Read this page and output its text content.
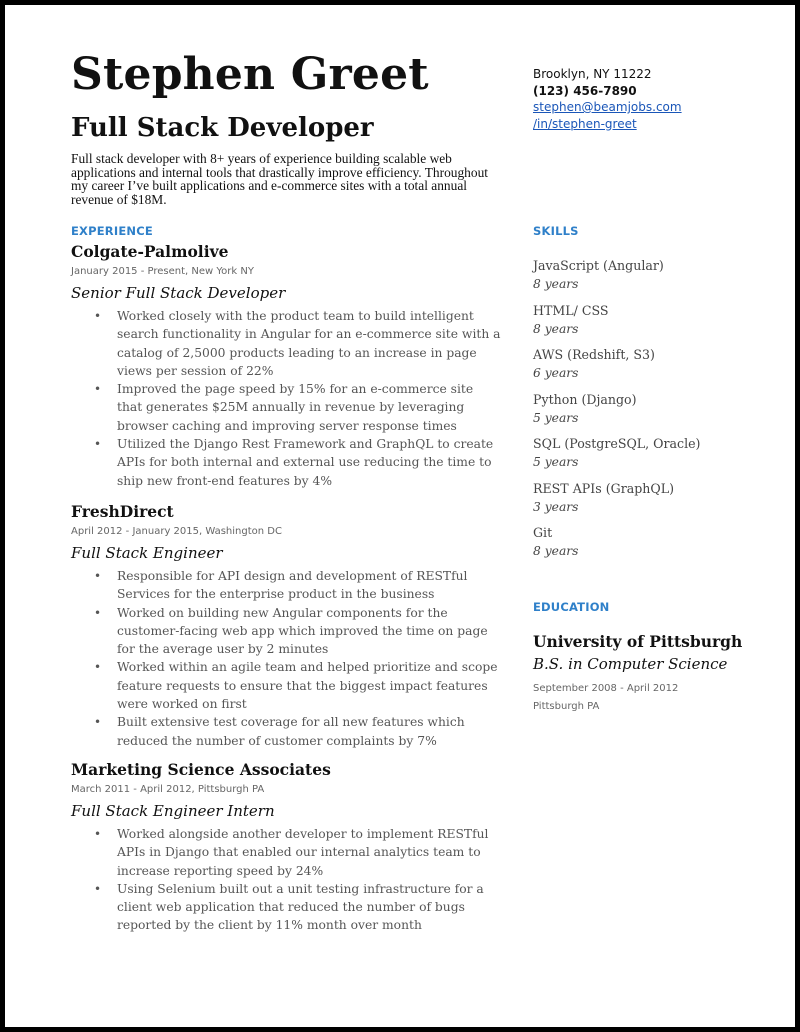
Stephen Greet
Full Stack Developer
Full stack developer with 8+ years of experience building scalable web applications and internal tools that drastically improve efficiency. Throughout my career I’ve built applications and e-commerce sites with a total annual revenue of $18M.
Brooklyn, NY 11222
(123) 456-7890
stephen@beamjobs.com
/in/stephen-greet
EXPERIENCE
Colgate-Palmolive
January 2015 - Present, New York NY
Senior Full Stack Developer
• Worked closely with the product team to build intelligent search functionality in Angular for an e-commerce site with a catalog of 2,5000 products leading to an increase in page views per session of 22%
• Improved the page speed by 15% for an e-commerce site that generates $25M annually in revenue by leveraging browser caching and improving server response times
• Utilized the Django Rest Framework and GraphQL to create APIs for both internal and external use reducing the time to ship new front-end features by 4%
FreshDirect
April 2012 - January 2015, Washington DC
Full Stack Engineer
• Responsible for API design and development of RESTful Services for the enterprise product in the business
• Worked on building new Angular components for the customer-facing web app which improved the time on page for the average user by 2 minutes
• Worked within an agile team and helped prioritize and scope feature requests to ensure that the biggest impact features were worked on first
• Built extensive test coverage for all new features which reduced the number of customer complaints by 7%
Marketing Science Associates
March 2011 - April 2012, Pittsburgh PA
Full Stack Engineer Intern
• Worked alongside another developer to implement RESTful APIs in Django that enabled our internal analytics team to increase reporting speed by 24%
• Using Selenium built out a unit testing infrastructure for a client web application that reduced the number of bugs reported by the client by 11% month over month
SKILLS
JavaScript (Angular)
8 years
HTML/ CSS
8 years
AWS (Redshift, S3)
6 years
Python (Django)
5 years
SQL (PostgreSQL, Oracle)
5 years
REST APIs (GraphQL)
3 years
Git
8 years
EDUCATION
University of Pittsburgh
B.S. in Computer Science
September 2008 - April 2012
Pittsburgh PA
